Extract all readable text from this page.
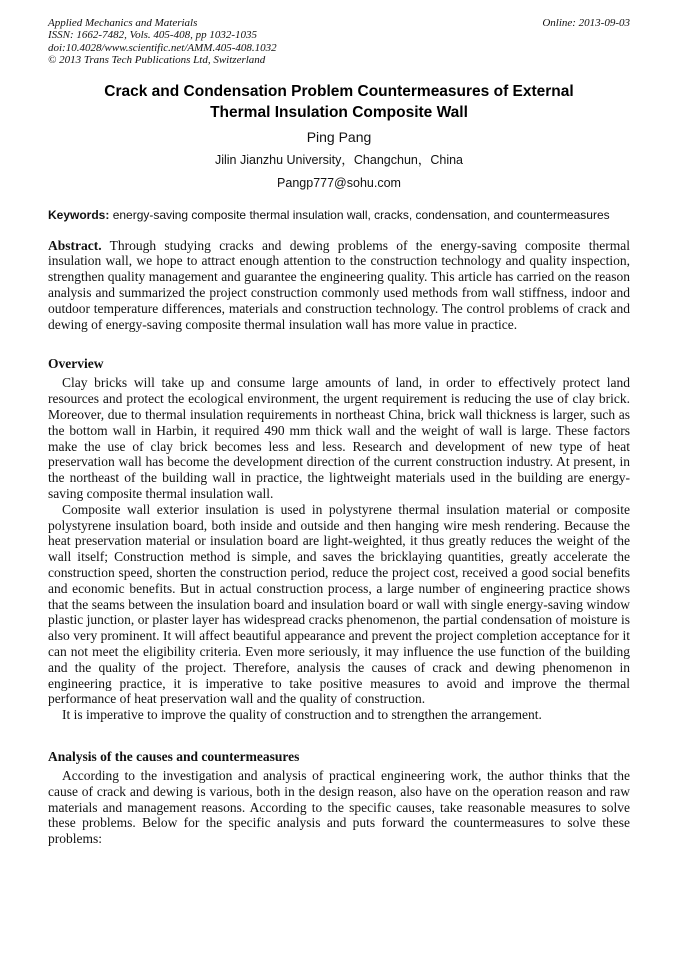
Applied Mechanics and Materials
ISSN: 1662-7482, Vols. 405-408, pp 1032-1035
doi:10.4028/www.scientific.net/AMM.405-408.1032
© 2013 Trans Tech Publications Ltd, Switzerland
Online: 2013-09-03
Crack and Condensation Problem Countermeasures of External Thermal Insulation Composite Wall
Ping Pang
Jilin Jianzhu University，Changchun，China
Pangp777@sohu.com
Keywords: energy-saving composite thermal insulation wall, cracks, condensation, and countermeasures
Abstract. Through studying cracks and dewing problems of the energy-saving composite thermal insulation wall, we hope to attract enough attention to the construction technology and quality inspection, strengthen quality management and guarantee the engineering quality. This article has carried on the reason analysis and summarized the project construction commonly used methods from wall stiffness, indoor and outdoor temperature differences, materials and construction technology. The control problems of crack and dewing of energy-saving composite thermal insulation wall has more value in practice.
Overview

Clay bricks will take up and consume large amounts of land, in order to effectively protect land resources and protect the ecological environment, the urgent requirement is reducing the use of clay brick. Moreover, due to thermal insulation requirements in northeast China, brick wall thickness is larger, such as the bottom wall in Harbin, it required 490 mm thick wall and the weight of wall is large. These factors make the use of clay brick becomes less and less. Research and development of new type of heat preservation wall has become the development direction of the current construction industry. At present, in the northeast of the building wall in practice, the lightweight materials used in the building are energy-saving composite thermal insulation wall.

Composite wall exterior insulation is used in polystyrene thermal insulation material or composite polystyrene insulation board, both inside and outside and then hanging wire mesh rendering. Because the heat preservation material or insulation board are light-weighted, it thus greatly reduces the weight of the wall itself; Construction method is simple, and saves the bricklaying quantities, greatly accelerate the construction speed, shorten the construction period, reduce the project cost, received a good social benefits and economic benefits. But in actual construction process, a large number of engineering practice shows that the seams between the insulation board and insulation board or wall with single energy-saving window plastic junction, or plaster layer has widespread cracks phenomenon, the partial condensation of moisture is also very prominent. It will affect beautiful appearance and prevent the project completion acceptance for it can not meet the eligibility criteria. Even more seriously, it may influence the use function of the building and the quality of the project. Therefore, analysis the causes of crack and dewing phenomenon in engineering practice, it is imperative to take positive measures to avoid and improve the thermal performance of heat preservation wall and the quality of construction.

It is imperative to improve the quality of construction and to strengthen the arrangement.

Analysis of the causes and countermeasures

According to the investigation and analysis of practical engineering work, the author thinks that the cause of crack and dewing is various, both in the design reason, also have on the operation reason and raw materials and management reasons. According to the specific causes, take reasonable measures to solve these problems. Below for the specific analysis and puts forward the countermeasures to solve these problems:
